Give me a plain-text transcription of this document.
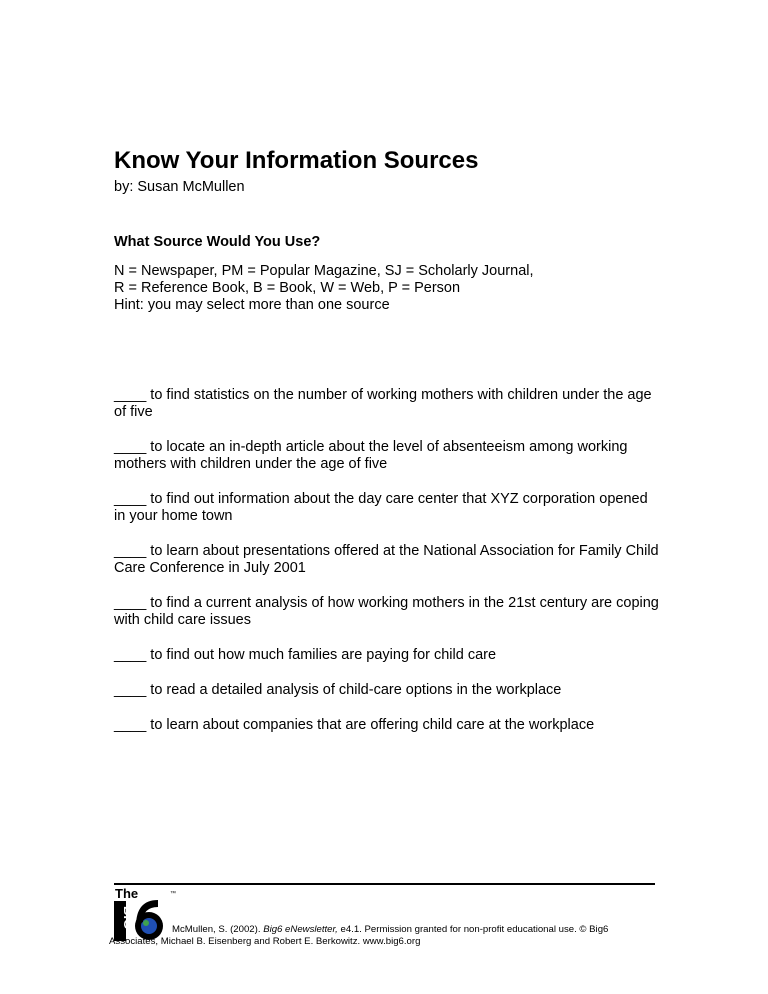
Know Your Information Sources
by: Susan McMullen
What Source Would You Use?
N = Newspaper, PM = Popular Magazine, SJ = Scholarly Journal,
R = Reference Book, B = Book, W = Web, P = Person
Hint: you may select more than one source

____ to find statistics on the number of working mothers with children under the age of five

____ to locate an in-depth article about the level of absenteeism among working mothers with children under the age of five

____ to find out information about the day care center that XYZ corporation opened in your home town

____ to learn about presentations offered at the National Association for Family Child Care Conference in July 2001

____ to find a current analysis of how working mothers in the 21st century are coping with child care issues

____ to find out how much families are paying for child care

____ to read a detailed analysis of child-care options in the workplace

____ to learn about companies that are offering child care at the workplace

The	™
BIG
McMullen, S. (2002). Big6 eNewsletter, e4.1. Permission granted for non-profit educational use. © Big6 Associates, Michael B. Eisenberg and Robert E. Berkowitz. www.big6.org
